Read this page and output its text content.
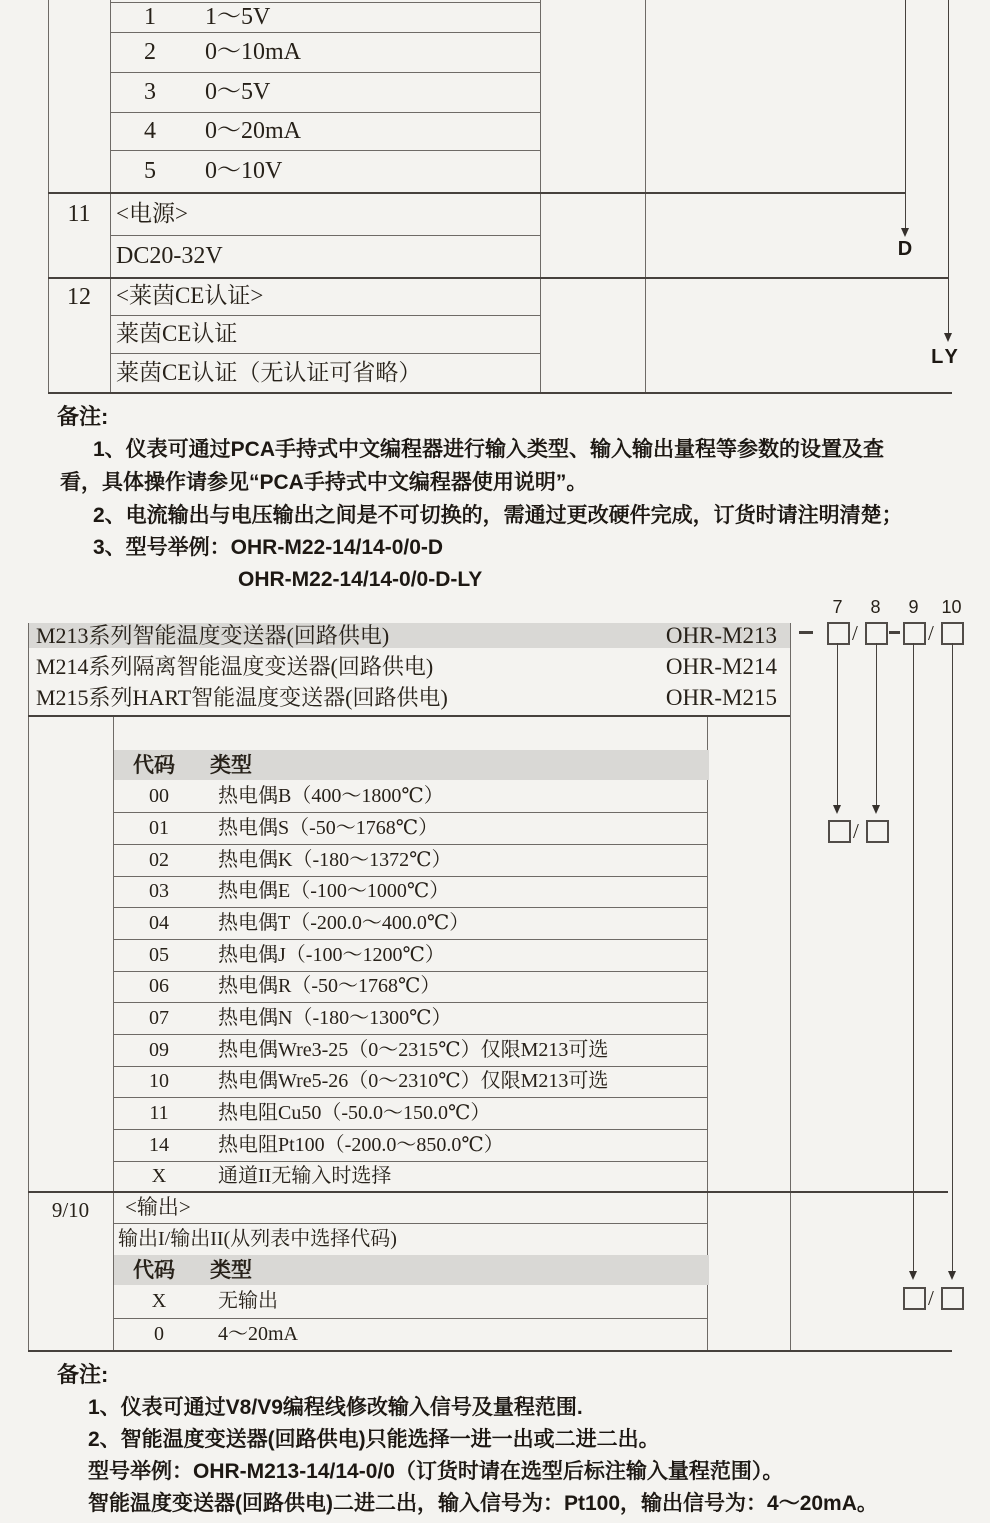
D
LY
1	1～5V
2	0～10mA
3	0～5V
4	0～20mA
5	0～10V
11	<电源>
DC20-32V
12	<莱茵CE认证>
莱茵CE认证
莱茵CE认证（无认证可省略）
备注:
1、仪表可通过PCA手持式中文编程器进行输入类型、输入输出量程等参数的设置及查
看，具体操作请参见“PCA手持式中文编程器使用说明”。
2、电流输出与电压输出之间是不可切换的，需通过更改硬件完成，订货时请注明清楚；
3、型号举例：OHR-M22-14/14-0/0-D
OHR-M22-14/14-0/0-D-LY
M213系列智能温度变送器(回路供电)	OHR-M213
M214系列隔离智能温度变送器(回路供电)	OHR-M214
M215系列HART智能温度变送器(回路供电)	OHR-M215
7	8	9	10
/	/
/
/
代码 类型
00	热电偶B（400～1800℃）
01	热电偶S（-50～1768℃）
02	热电偶K（-180～1372℃）
03	热电偶E（-100～1000℃）
04	热电偶T（-200.0～400.0℃）
05	热电偶J（-100～1200℃）
06	热电偶R（-50～1768℃）
07	热电偶N（-180～1300℃）
09	热电偶Wre3-25（0～2315℃）仅限M213可选
10	热电偶Wre5-26（0～2310℃）仅限M213可选
11	热电阻Cu50（-50.0～150.0℃）
14	热电阻Pt100（-200.0～850.0℃）
X	通道II无输入时选择
9/10	<输出>
输出I/输出II(从列表中选择代码)
代码 类型
X	无输出
0	4～20mA
备注:
1、仪表可通过V8/V9编程线修改输入信号及量程范围.
2、智能温度变送器(回路供电)只能选择一进一出或二进二出。
型号举例：OHR-M213-14/14-0/0（订货时请在选型后标注输入量程范围）。
智能温度变送器(回路供电)二进二出，输入信号为：Pt100，输出信号为：4～20mA。
